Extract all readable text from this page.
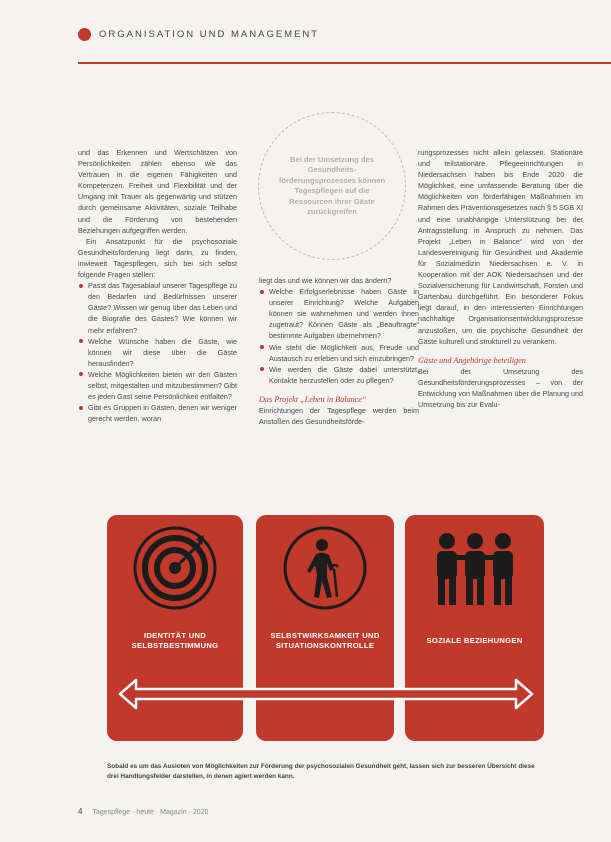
ORGANISATION UND MANAGEMENT
Bei der Umsetzung des Gesundheits-förderungsprozesses können Tagespflegen auf die Ressourcen ihrer Gäste zurückgreifen

und das Erkennen und Wertschätzen von Persönlichkeiten zählen ebenso wie das Vertrauen in die eigenen Fähigkeiten und Kompetenzen. Freiheit und Flexibilität und der Umgang mit Trauer als gegenwärtig und stützen durch gemeinsame Aktivitäten, soziale Teilhabe und die Förderung von bestehenden Beziehungen aufgegriffen werden.

Ein Ansatzpunkt für die psychosoziale Gesundheitsförderung liegt darin, zu finden, inwieweit Tagespflegen, sich bei sich selbst folgende Fragen stellen:

Passt das Tagesablauf unserer Tagespflege zu den Bedarfen und Bedürfnissen unserer Gäste? Wissen wir genug über das Leben und die Biografie des Gastes? Wie können wir mehr erfahren?
Welche Wünsche haben die Gäste, wie können wir diese über die Gäste herausfinden?
Welche Möglichkeiten bieten wir den Gästen selbst, mitgestalten und mitzubestimmen? Gibt es jeden Gast seine Persönlichkeit entfalten?
Gibt es Gruppen in Gästen, denen wir weniger gerecht werden, woran

liegt das und wie können wir das ändern?

Welche Erfolgserlebnisse haben Gäste in unserer Einrichtung? Welche Aufgaben können sie wahrnehmen und werden ihnen zugetraut? Können Gäste als „Beauftragte“ bestimmte Aufgaben übernehmen?
Wie steht die Möglichkeit aus, Freude und Austausch zu erleben und sich einzubringen?
Wie werden die Gäste dabei unterstützt, Kontakte herzustellen oder zu pflegen?
Das Projekt „Leben in Balance“

Einrichtungen der Tagespflege werden beim Anstoßen des Gesundheitsförde-

rungsprozesses nicht allein gelassen. Stationäre und teilstationäre Pflegeeinrichtungen in Niedersachsen haben bis Ende 2020 die Möglichkeit, eine umfassende Beratung über die Möglichkeiten von förderfähigen Maßnahmen im Rahmen des Präventionsgesetzes nach § 5 SGB XI und eine unabhängige Unterstützung bei der Antragsstellung in Anspruch zu nehmen. Das Projekt „Leben in Balance“ wird von der Landesvereinigung für Gesundheit und Akademie für Sozialmedizin Niedersachsen e. V. in Kooperation mit der AOK Niedersachsen und der Sozialversicherung für Landwirtschaft, Forsten und Gartenbau durchgeführt. Ein besonderer Fokus liegt darauf, in den interessierten Einrichtungen nachhaltige Organisationsentwicklungsprozesse anzustoßen, um die psychische Gesundheit der Gäste kulturell und strukturell zu verankern.

Gäste und Angehörige beteiligen

Bei der Umsetzung des Gesundheitsförderungsprozesses – von der Entwicklung von Maßnahmen über die Planung und Umsetzung bis zur Evalu-

IDENTITÄT UND
SELBSTBESTIMMUNG
SELBSTWIRKSAMKEIT UND
SITUATIONSKONTROLLE
SOZIALE BEZIEHUNGEN
Sobald es um das Ausloten von Möglichkeiten zur Förderung der psychosozialen Gesundheit geht, lassen sich zur besseren Übersicht diese drei Handlungsfelder darstellen, in denen agiert werden kann.
4 Tagespflege · heute · Magazin · 2020
